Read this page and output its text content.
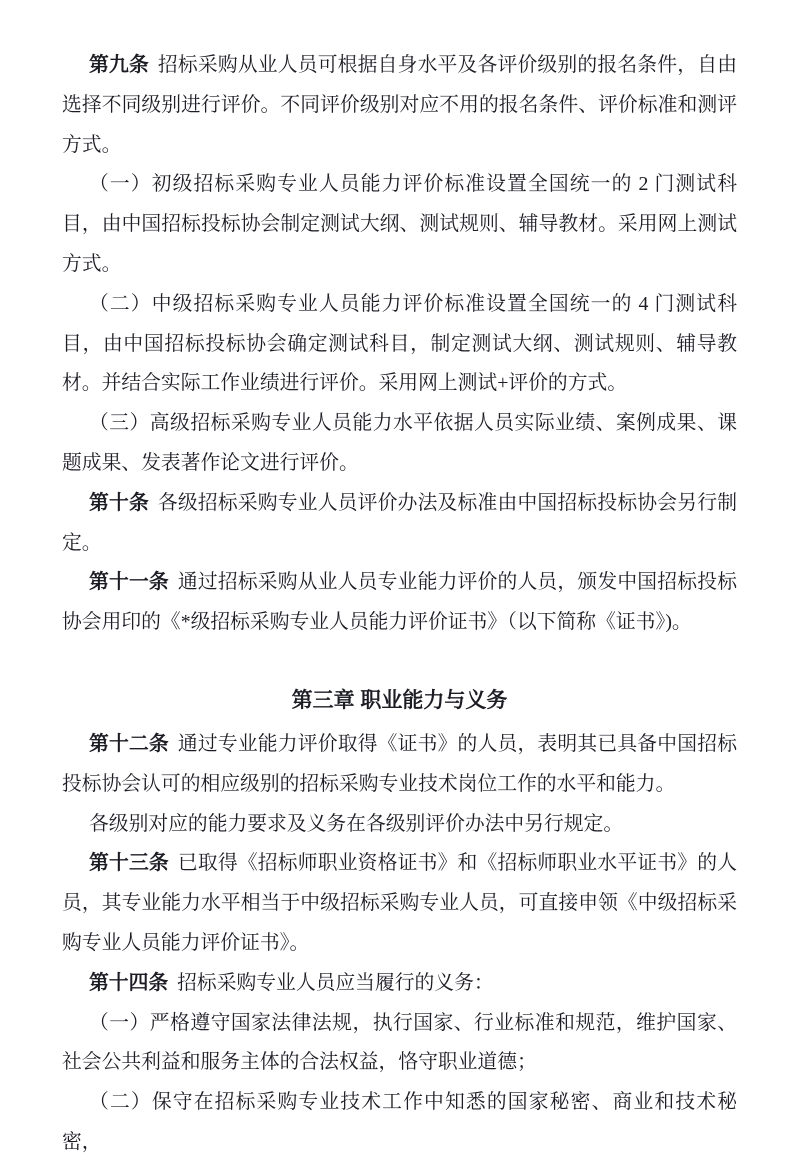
第九条 招标采购从业人员可根据自身水平及各评价级别的报名条件，自由选择不同级别进行评价。不同评价级别对应不用的报名条件、评价标准和测评方式。

（一）初级招标采购专业人员能力评价标准设置全国统一的 2 门测试科目，由中国招标投标协会制定测试大纲、测试规则、辅导教材。采用网上测试方式。

（二）中级招标采购专业人员能力评价标准设置全国统一的 4 门测试科目，由中国招标投标协会确定测试科目，制定测试大纲、测试规则、辅导教材。并结合实际工作业绩进行评价。采用网上测试+评价的方式。

（三）高级招标采购专业人员能力水平依据人员实际业绩、案例成果、课题成果、发表著作论文进行评价。

第十条 各级招标采购专业人员评价办法及标准由中国招标投标协会另行制定。

第十一条 通过招标采购从业人员专业能力评价的人员，颁发中国招标投标协会用印的《*级招标采购专业人员能力评价证书》（以下简称《证书》)。

第三章 职业能力与义务

第十二条 通过专业能力评价取得《证书》的人员，表明其已具备中国招标投标协会认可的相应级别的招标采购专业技术岗位工作的水平和能力。

各级别对应的能力要求及义务在各级别评价办法中另行规定。

第十三条 已取得《招标师职业资格证书》和《招标师职业水平证书》的人员，其专业能力水平相当于中级招标采购专业人员，可直接申领《中级招标采购专业人员能力评价证书》。

第十四条 招标采购专业人员应当履行的义务：

（一）严格遵守国家法律法规，执行国家、行业标准和规范，维护国家、社会公共利益和服务主体的合法权益，恪守职业道德；

（二）保守在招标采购专业技术工作中知悉的国家秘密、商业和技术秘密，
